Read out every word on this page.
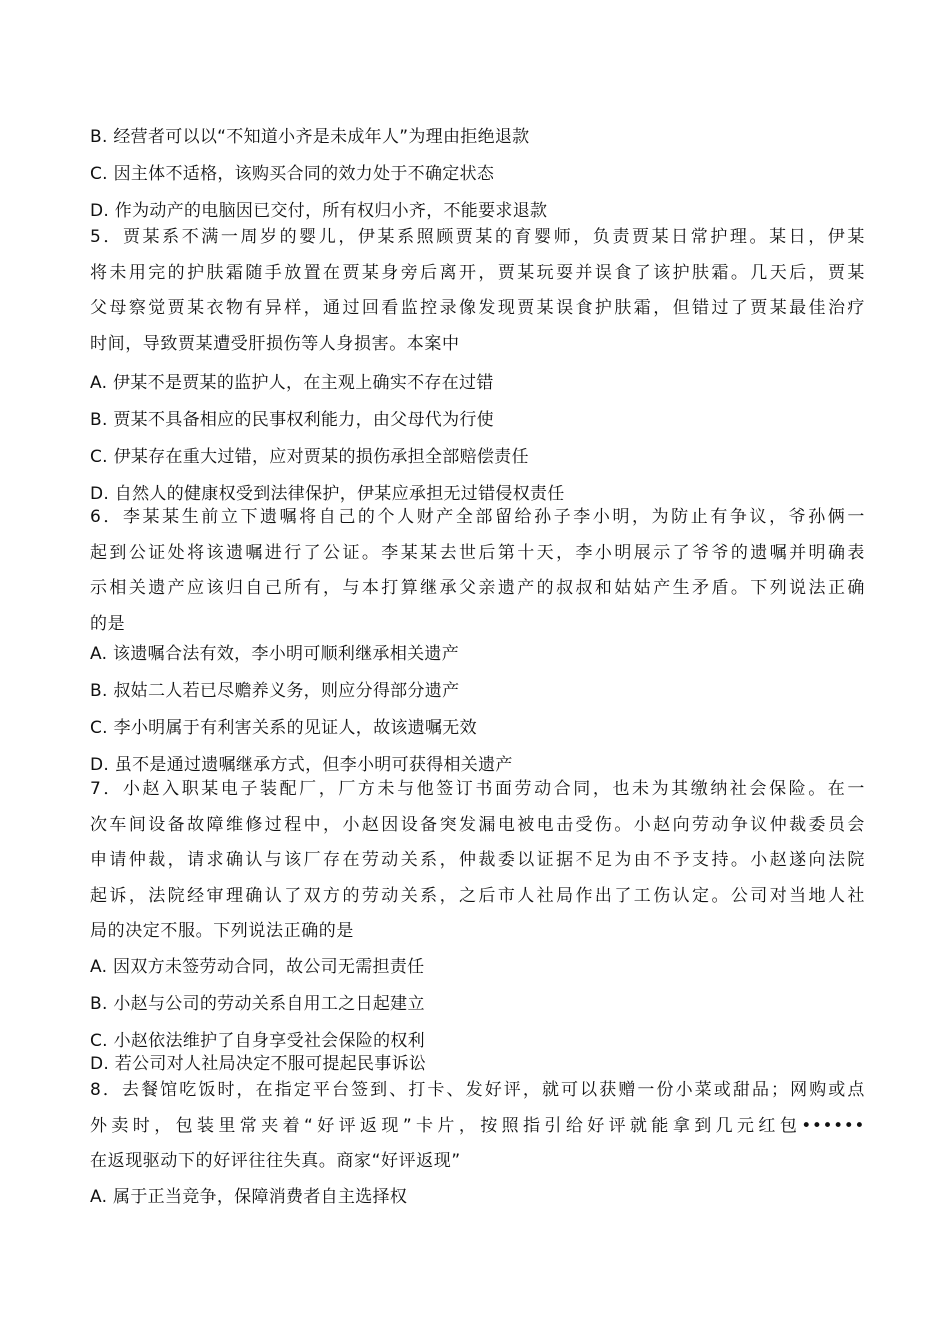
B. 经营者可以以“不知道小齐是未成年人”为理由拒绝退款
C. 因主体不适格，该购买合同的效力处于不确定状态
D. 作为动产的电脑因已交付，所有权归小齐，不能要求退款

5．贾某系不满一周岁的婴儿，伊某系照顾贾某的育婴师，负责贾某日常护理。某日，伊某

将未用完的护肤霜随手放置在贾某身旁后离开，贾某玩耍并误食了该护肤霜。几天后，贾某

父母察觉贾某衣物有异样，通过回看监控录像发现贾某误食护肤霜，但错过了贾某最佳治疗

时间，导致贾某遭受肝损伤等人身损害。本案中

A. 伊某不是贾某的监护人，在主观上确实不存在过错
B. 贾某不具备相应的民事权利能力，由父母代为行使
C. 伊某存在重大过错，应对贾某的损伤承担全部赔偿责任
D. 自然人的健康权受到法律保护，伊某应承担无过错侵权责任

6．李某某生前立下遗嘱将自己的个人财产全部留给孙子李小明，为防止有争议，爷孙俩一

起到公证处将该遗嘱进行了公证。李某某去世后第十天，李小明展示了爷爷的遗嘱并明确表

示相关遗产应该归自己所有，与本打算继承父亲遗产的叔叔和姑姑产生矛盾。下列说法正确

的是

A. 该遗嘱合法有效，李小明可顺利继承相关遗产
B. 叔姑二人若已尽赡养义务，则应分得部分遗产
C. 李小明属于有利害关系的见证人，故该遗嘱无效
D. 虽不是通过遗嘱继承方式，但李小明可获得相关遗产

7．小赵入职某电子装配厂，厂方未与他签订书面劳动合同，也未为其缴纳社会保险。在一

次车间设备故障维修过程中，小赵因设备突发漏电被电击受伤。小赵向劳动争议仲裁委员会

申请仲裁，请求确认与该厂存在劳动关系，仲裁委以证据不足为由不予支持。小赵遂向法院

起诉，法院经审理确认了双方的劳动关系，之后市人社局作出了工伤认定。公司对当地人社

局的决定不服。下列说法正确的是

A. 因双方未签劳动合同，故公司无需担责任
B. 小赵与公司的劳动关系自用工之日起建立
C. 小赵依法维护了自身享受社会保险的权利
D. 若公司对人社局决定不服可提起民事诉讼

8．去餐馆吃饭时，在指定平台签到、打卡、发好评，就可以获赠一份小菜或甜品；网购或点

外卖时，包装里常夹着“好评返现”卡片，按照指引给好评就能拿到几元红包••••••

在返现驱动下的好评往往失真。商家“好评返现”

A. 属于正当竞争，保障消费者自主选择权
